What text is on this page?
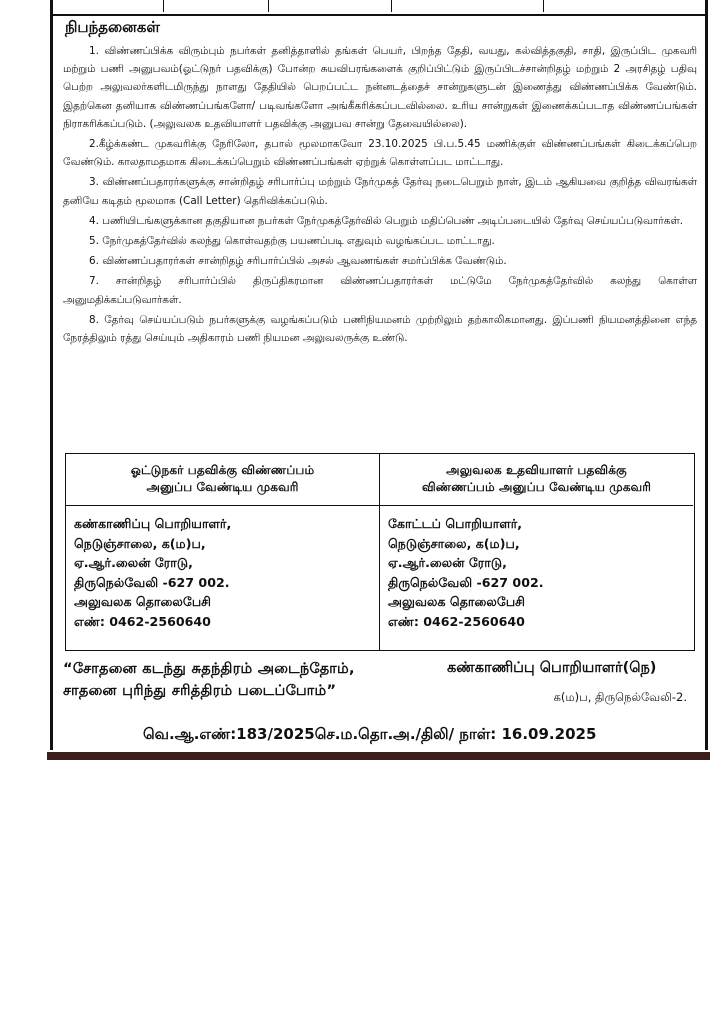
நிபந்தனைகள்

1. விண்ணப்பிக்க விரும்பும் நபர்கள் தனித்தாளில் தங்கள் பெயர், பிறந்த தேதி, வயது, கல்வித்தகுதி, சாதி, இருப்பிட முகவரி மற்றும் பணி அனுபவம்(ஓட்டுநர் பதவிக்கு) போன்ற சுயவிபரங்களைக் குறிப்பிட்டும் இருப்பிடச்சான்றிதழ் மற்றும் 2 அரசிதழ் பதிவு பெற்ற அலுவலர்களிடமிருந்து நாளது தேதியில் பெறப்பட்ட நன்னடத்தைச் சான்றுகளுடன் இணைத்து விண்ணப்பிக்க வேண்டும். இதற்கென தனியாக விண்ணப்பங்களோ/ படிவங்களோ அங்கீகரிக்கப்படவில்லை. உரிய சான்றுகள் இணைக்கப்படாத விண்ணப்பங்கள் நிராகரிக்கப்படும். (அலுவலக உதவியாளர் பதவிக்கு அனுபவ சான்று தேவையில்லை).

2.கீழ்க்கண்ட முகவரிக்கு நேரிலோ, தபால் மூலமாகவோ 23.10.2025 பி.ப.5.45 மணிக்குள் விண்ணப்பங்கள் கிடைக்கப்பெற வேண்டும். காலதாமதமாக கிடைக்கப்பெறும் விண்ணப்பங்கள் ஏற்றுக் கொள்ளப்பட மாட்டாது.

3. விண்ணப்பதாரர்களுக்கு சான்றிதழ் சரிபார்ப்பு மற்றும் நேர்முகத் தேர்வு நடைபெறும் நாள், இடம் ஆகியவை குறித்த விவரங்கள் தனியே கடிதம் மூலமாக (Call Letter) தெரிவிக்கப்படும்.

4. பணியிடங்களுக்கான தகுதியான நபர்கள் நேர்முகத்தேர்வில் பெறும் மதிப்பெண் அடிப்படையில் தேர்வு செய்யப்படுவார்கள்.

5. நேர்முகத்தேர்வில் கலந்து கொள்வதற்கு பயணப்படி எதுவும் வழங்கப்பட மாட்டாது.

6. விண்ணப்பதாரர்கள் சான்றிதழ் சரிபார்ப்பில் அசல் ஆவணங்கள் சமர்ப்பிக்க வேண்டும்.

7. சான்றிதழ் சரிபார்ப்பில் திருப்திகரமான விண்ணப்பதாரர்கள் மட்டுமே நேர்முகத்தேர்வில் கலந்து கொள்ள அனுமதிக்கப்படுவார்கள்.

8. தேர்வு செய்யப்படும் நபர்களுக்கு வழங்கப்படும் பணிநியமனம் முற்றிலும் தற்காலிகமானது. இப்பணி நியமனத்தினை எந்த நேரத்திலும் ரத்து செய்யும் அதிகாரம் பணி நியமன அலுவலருக்கு உண்டு.

ஓட்டுநகர் பதவிக்கு விண்ணப்பம்
அனுப்ப வேண்டிய முகவரி
கண்காணிப்பு பொறியாளர்,
நெடுஞ்சாலை, க(ம)ப,
ஏ.ஆர்.லைன் ரோடு,
திருநெல்வேலி -627 002.
அலுவலக தொலைபேசி
எண்: 0462-2560640
அலுவலக உதவியாளர் பதவிக்கு
விண்ணப்பம் அனுப்ப வேண்டிய முகவரி
கோட்டப் பொறியாளர்,
நெடுஞ்சாலை, க(ம)ப,
ஏ.ஆர்.லைன் ரோடு,
திருநெல்வேலி -627 002.
அலுவலக தொலைபேசி
எண்: 0462-2560640
“சோதனை கடந்து சுதந்திரம் அடைந்தோம்,
சாதனை புரிந்து சரித்திரம் படைப்போம்”
கண்காணிப்பு பொறியாளர்(நெ)
க(ம)ப, திருநெல்வேலி-2.
வெ.ஆ.எண்:183/2025செ.ம.தொ.அ./திலி/ நாள்: 16.09.2025
